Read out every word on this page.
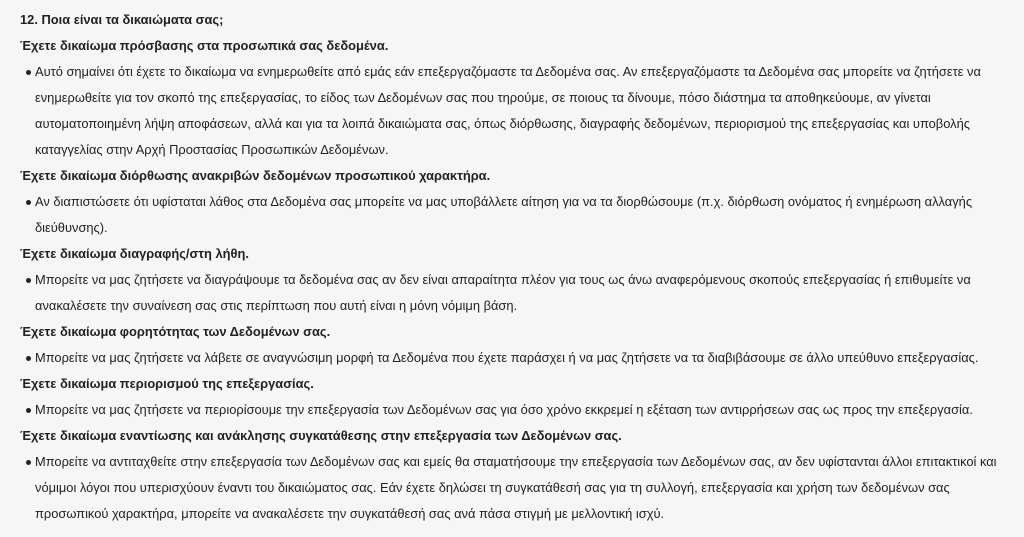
12. Ποια είναι τα δικαιώματα σας;
Έχετε δικαίωμα πρόσβασης στα προσωπικά σας δεδομένα.
Αυτό σημαίνει ότι έχετε το δικαίωμα να ενημερωθείτε από εμάς εάν επεξεργαζόμαστε τα Δεδομένα σας. Αν επεξεργαζόμαστε τα Δεδομένα σας μπορείτε να ζητήσετε να
ενημερωθείτε για τον σκοπό της επεξεργασίας, το είδος των Δεδομένων σας που τηρούμε, σε ποιους τα δίνουμε, πόσο διάστημα τα αποθηκεύουμε, αν γίνεται
αυτοματοποιημένη λήψη αποφάσεων, αλλά και για τα λοιπά δικαιώματα σας, όπως διόρθωσης, διαγραφής δεδομένων, περιορισμού της επεξεργασίας και υποβολής
καταγγελίας στην Αρχή Προστασίας Προσωπικών Δεδομένων.
Έχετε δικαίωμα διόρθωσης ανακριβών δεδομένων προσωπικού χαρακτήρα.
Αν διαπιστώσετε ότι υφίσταται λάθος στα Δεδομένα σας μπορείτε να μας υποβάλλετε αίτηση για να τα διορθώσουμε (π.χ. διόρθωση ονόματος ή ενημέρωση αλλαγής
διεύθυνσης).
Έχετε δικαίωμα διαγραφής/στη λήθη.
Μπορείτε να μας ζητήσετε να διαγράψουμε τα δεδομένα σας αν δεν είναι απαραίτητα πλέον για τους ως άνω αναφερόμενους σκοπούς επεξεργασίας ή επιθυμείτε να
ανακαλέσετε την συναίνεση σας στις περίπτωση που αυτή είναι η μόνη νόμιμη βάση.
Έχετε δικαίωμα φορητότητας των Δεδομένων σας.
Μπορείτε να μας ζητήσετε να λάβετε σε αναγνώσιμη μορφή τα Δεδομένα που έχετε παράσχει ή να μας ζητήσετε να τα διαβιβάσουμε σε άλλο υπεύθυνο επεξεργασίας.
Έχετε δικαίωμα περιορισμού της επεξεργασίας.
Μπορείτε να μας ζητήσετε να περιορίσουμε την επεξεργασία των Δεδομένων σας για όσο χρόνο εκκρεμεί η εξέταση των αντιρρήσεων σας ως προς την επεξεργασία.
Έχετε δικαίωμα εναντίωσης και ανάκλησης συγκατάθεσης στην επεξεργασία των Δεδομένων σας.
Μπορείτε να αντιταχθείτε στην επεξεργασία των Δεδομένων σας και εμείς θα σταματήσουμε την επεξεργασία των Δεδομένων σας, αν δεν υφίστανται άλλοι επιτακτικοί και
νόμιμοι λόγοι που υπερισχύουν έναντι του δικαιώματος σας. Εάν έχετε δηλώσει τη συγκατάθεσή σας για τη συλλογή, επεξεργασία και χρήση των δεδομένων σας
προσωπικού χαρακτήρα, μπορείτε να ανακαλέσετε την συγκατάθεσή σας ανά πάσα στιγμή με μελλοντική ισχύ.
